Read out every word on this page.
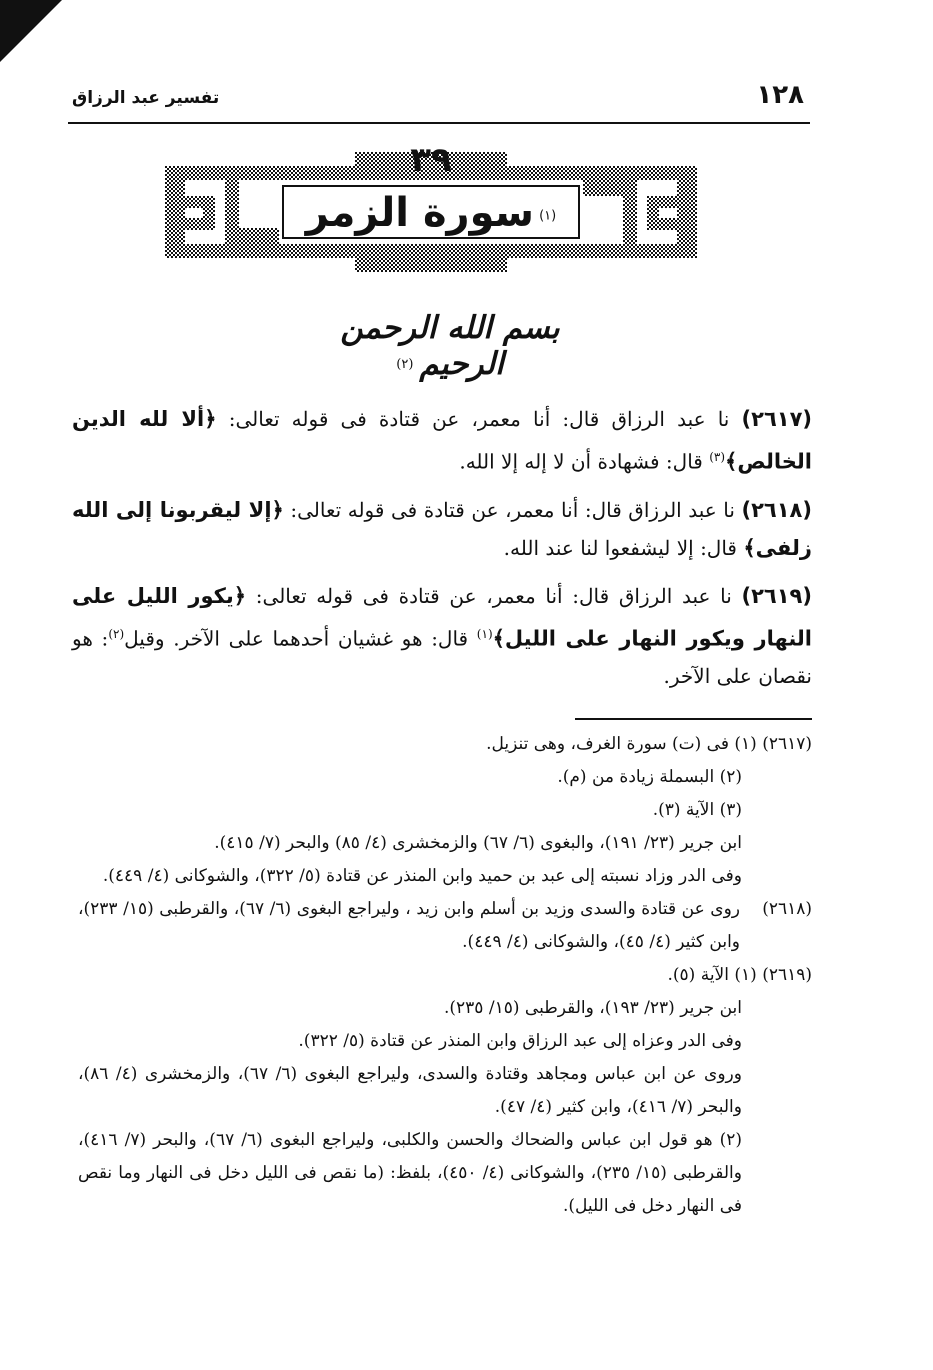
١٢٨
تفسير عبد الرزاق
٣٩
$^{(١)}$ سورة الزمر
بسم الله الرحمن الرحيم$^{(٢)}$

(٢٦١٧) نا عبد الرزاق قال: أنا معمر، عن قتادة فى قوله تعالى: ﴿ألا لله الدين الخالص﴾$^{(٣)}$ قال: فشهادة أن لا إله إلا الله.

(٢٦١٨) نا عبد الرزاق قال: أنا معمر، عن قتادة فى قوله تعالى: ﴿إلا ليقربونا إلى الله زلفى﴾ قال: إلا ليشفعوا لنا عند الله.

(٢٦١٩) نا عبد الرزاق قال: أنا معمر، عن قتادة فى قوله تعالى: ﴿يكور الليل على النهار ويكور النهار على الليل﴾$^{(١)}$ قال: هو غشيان أحدهما على الآخر. وقيل$^{(٢)}$: هو نقصان على الآخر.

(٢٦١٧) (١) فى (ت) سورة الغرف، وهى تنزيل.

(٢) البسملة زيادة من (م).

(٣) الآية (٣).

ابن جرير (٢٣/ ١٩١)، والبغوى (٦/ ٦٧) والزمخشرى (٤/ ٨٥) والبحر (٧/ ٤١٥).

وفى الدر وزاد نسبته إلى عبد بن حميد وابن المنذر عن قتادة (٥/ ٣٢٢)، والشوكانى (٤/ ٤٤٩).

(٢٦١٨)
روى عن قتادة والسدى وزيد بن أسلم وابن زيد ، وليراجع البغوى (٦/ ٦٧)، والقرطبى (١٥/ ٢٣٣)، وابن كثير (٤/ ٤٥)، والشوكانى (٤/ ٤٤٩).

(٢٦١٩) (١) الآية (٥).

ابن جرير (٢٣/ ١٩٣)، والقرطبى (١٥/ ٢٣٥).

وفى الدر وعزاه إلى عبد الرزاق وابن المنذر عن قتادة (٥/ ٣٢٢).

وروى عن ابن عباس ومجاهد وقتادة والسدى، وليراجع البغوى (٦/ ٦٧)، والزمخشرى (٤/ ٨٦)، والبحر (٧/ ٤١٦)، وابن كثير (٤/ ٤٧).

(٢) هو قول ابن عباس والضحاك والحسن والكلبى، وليراجع البغوى (٦/ ٦٧)، والبحر (٧/ ٤١٦)، والقرطبى (١٥/ ٢٣٥)، والشوكانى (٤/ ٤٥٠)، بلفظ: (ما نقص فى الليل دخل فى النهار وما نقص فى النهار دخل فى الليل).
